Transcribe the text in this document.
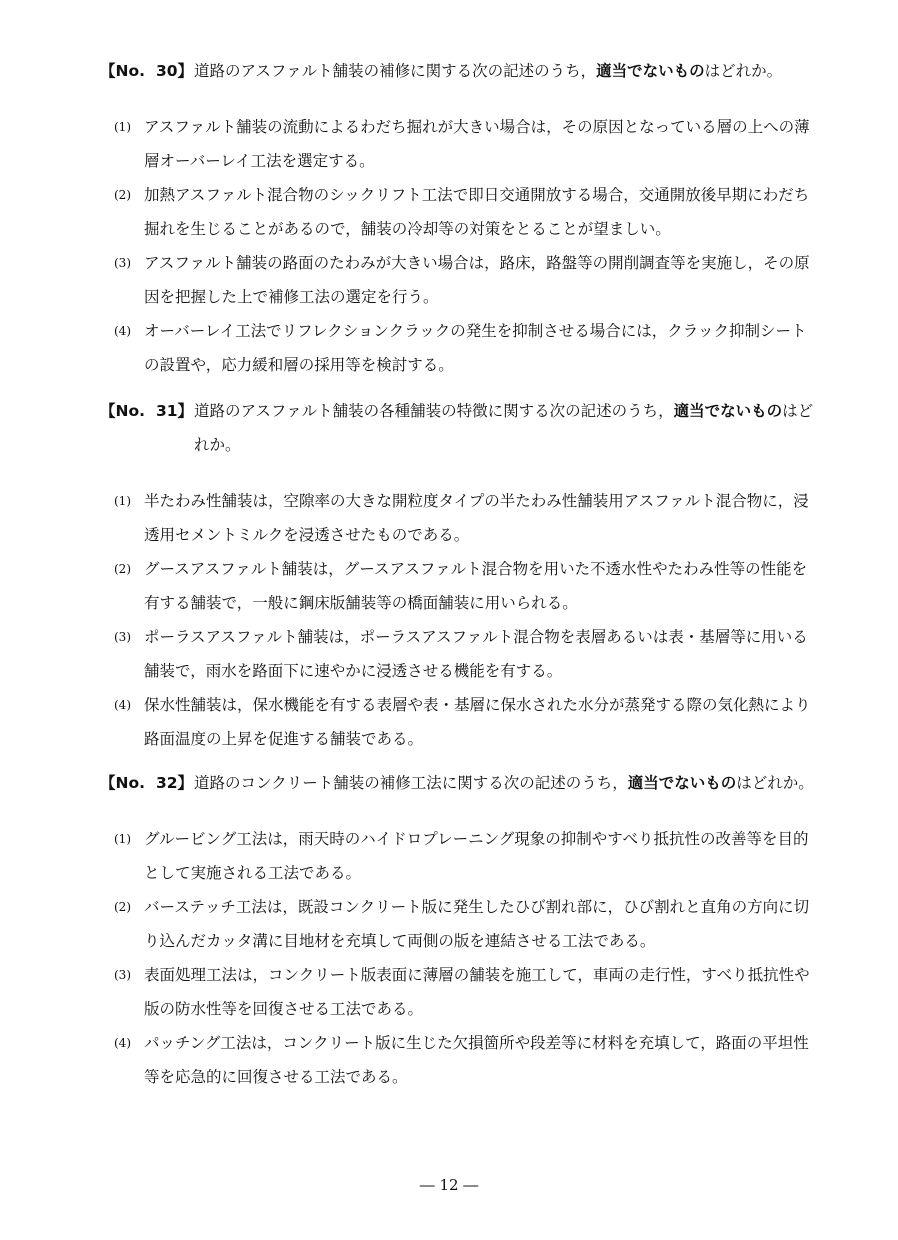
【No. 30】 道路のアスファルト舗装の補修に関する次の記述のうち，適当でないものはどれか。
(1) アスファルト舗装の流動によるわだち掘れが大きい場合は，その原因となっている層の上への薄層オーバーレイ工法を選定する。
(2) 加熱アスファルト混合物のシックリフト工法で即日交通開放する場合，交通開放後早期にわだち掘れを生じることがあるので，舗装の冷却等の対策をとることが望ましい。
(3) アスファルト舗装の路面のたわみが大きい場合は，路床，路盤等の開削調査等を実施し，その原因を把握した上で補修工法の選定を行う。
(4) オーバーレイ工法でリフレクションクラックの発生を抑制させる場合には，クラック抑制シートの設置や，応力緩和層の採用等を検討する。
【No. 31】 道路のアスファルト舗装の各種舗装の特徴に関する次の記述のうち，適当でないものはどれか。
(1) 半たわみ性舗装は，空隙率の大きな開粒度タイプの半たわみ性舗装用アスファルト混合物に，浸透用セメントミルクを浸透させたものである。
(2) グースアスファルト舗装は，グースアスファルト混合物を用いた不透水性やたわみ性等の性能を有する舗装で，一般に鋼床版舗装等の橋面舗装に用いられる。
(3) ポーラスアスファルト舗装は，ポーラスアスファルト混合物を表層あるいは表・基層等に用いる舗装で，雨水を路面下に速やかに浸透させる機能を有する。
(4) 保水性舗装は，保水機能を有する表層や表・基層に保水された水分が蒸発する際の気化熱により路面温度の上昇を促進する舗装である。
【No. 32】 道路のコンクリート舗装の補修工法に関する次の記述のうち，適当でないものはどれか。
(1) グルービング工法は，雨天時のハイドロプレーニング現象の抑制やすべり抵抗性の改善等を目的として実施される工法である。
(2) バーステッチ工法は，既設コンクリート版に発生したひび割れ部に，ひび割れと直角の方向に切り込んだカッタ溝に目地材を充填して両側の版を連結させる工法である。
(3) 表面処理工法は，コンクリート版表面に薄層の舗装を施工して，車両の走行性，すべり抵抗性や版の防水性等を回復させる工法である。
(4) パッチング工法は，コンクリート版に生じた欠損箇所や段差等に材料を充填して，路面の平坦性等を応急的に回復させる工法である。
― 12 ―
